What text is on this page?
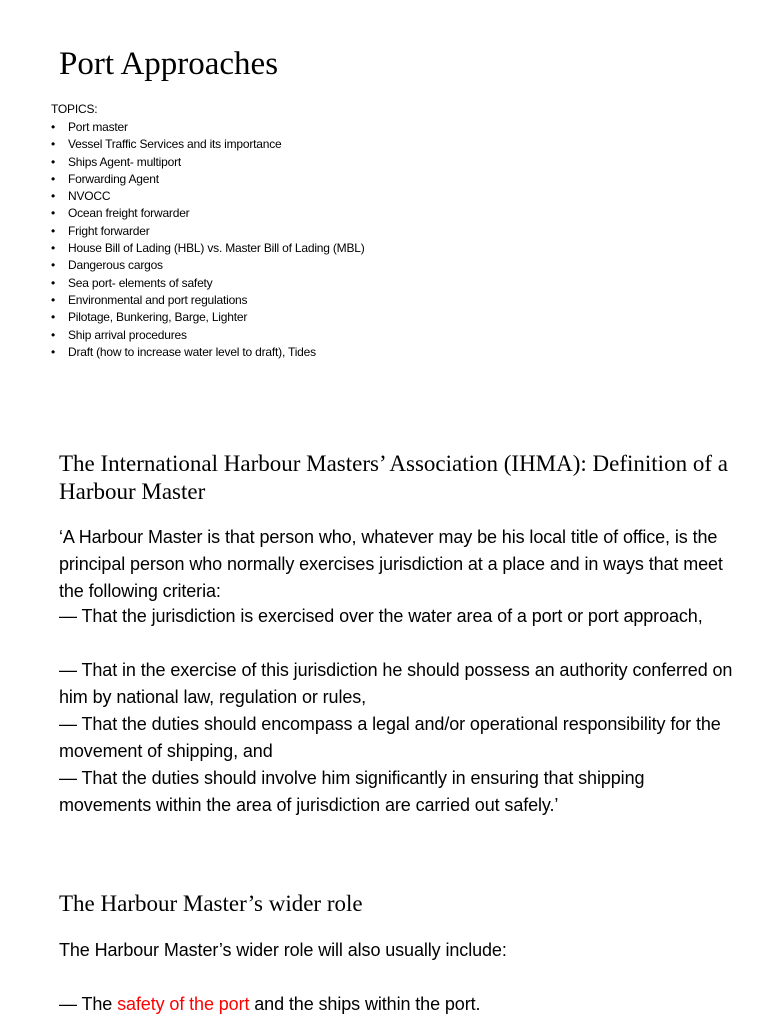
Port Approaches
TOPICS:
• Port master
• Vessel Traffic Services and its importance
• Ships Agent- multiport
• Forwarding Agent
• NVOCC
• Ocean freight forwarder
• Fright forwarder
• House Bill of Lading (HBL) vs. Master Bill of Lading (MBL)
• Dangerous cargos
• Sea port- elements of safety
• Environmental and port regulations
• Pilotage, Bunkering, Barge, Lighter
• Ship arrival procedures
• Draft (how to increase water level to draft), Tides
The International Harbour Masters’ Association (IHMA): Definition of a Harbour Master

‘A Harbour Master is that person who, whatever may be his local title of office, is the principal person who normally exercises jurisdiction at a place and in ways that meet the following criteria:

— That the jurisdiction is exercised over the water area of a port or port approach,

— That in the exercise of this jurisdiction he should possess an authority conferred on him by national law, regulation or rules,

— That the duties should encompass a legal and/or operational responsibility for the movement of shipping, and

— That the duties should involve him significantly in ensuring that shipping movements within the area of jurisdiction are carried out safely.’

The Harbour Master’s wider role

The Harbour Master’s wider role will also usually include:

— The safety of the port and the ships within the port.
